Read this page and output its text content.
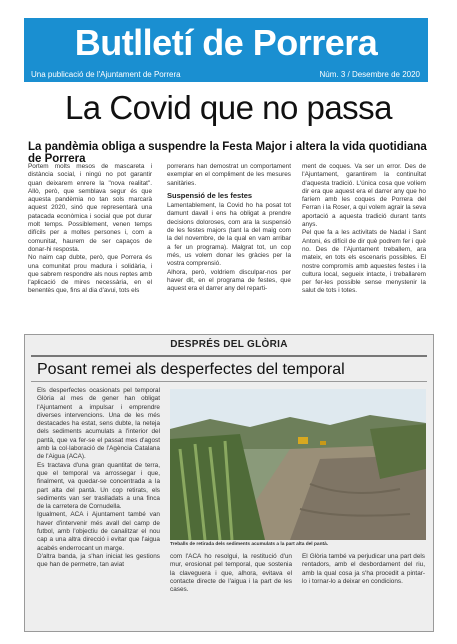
Butlletí de Porrera
Una publicació de l'Ajuntament de Porrera	Núm. 3 / Desembre de 2020
La Covid que no passa
La pandèmia obliga a suspendre la Festa Major i altera la vida quotidiana de Porrera

Portem molts mesos de mascareta i distància social, i ningú no pot garantir quan deixarem enrere la "nova realitat". Allò, però, que semblava segur és que aquesta pandèmia no tan sols marcarà aquest 2020, sinó que representarà una patacada econòmica i social que pot durar molt temps. Possiblement, venen temps difícils per a moltes persones i, com a comunitat, haurem de ser capaços de donar-hi resposta.

No naim cap dubte, però, que Porrera és una comunitat prou madura i solidària, i que sabrem respondre als nous reptes amb l'aplicació de mires necessària, en el benentès que, fins al dia d'avui, tots els

porrerans han demostrat un comportament exemplar en el compliment de les mesures sanitàries.

Suspensió de les festes

Lamentablement, la Covid ho ha posat tot damunt davall i ens ha obligat a prendre decisions doloroses, com ara la suspensió de les festes majors (tant la del maig com la del novembre, de la qual en vam arribar a fer un programa). Malgrat tot, un cop més, us volem donar les gràcies per la vostra comprensió.

Alhora, però, voldriem disculpar-nos per haver dit, en el programa de festes, que aquest era el darrer any del reparti-

ment de coques. Va ser un error. Des de l'Ajuntament, garantirem la continuïtat d'aquesta tradició. L'única cosa que volíem dir era que aquest era el darrer any que ho faríem amb les coques de Porrera del Ferran i la Roser, a qui volem agrair la seva aportació a aquesta tradició durant tants anys.

Pel que fa a les activitats de Nadal i Sant Antoni, és difícil de dir què podrem fer i què no. Des de l'Ajuntament treballem, ara mateix, en tots els escenaris possibles. El nostre compromís amb aquestes festes i la cultura local, segueix intacte, i treballarem per fer-les possible sense menystenir la salut de tots i totes.

DESPRÉS DEL GLÒRIA
Posant remei als desperfectes del temporal

Els desperfectes ocasionats pel temporal Glòria al mes de gener han obligat l'Ajuntament a impulsar i emprendre diverses intervencions. Una de les més destacades ha estat, sens dubte, la neteja dels sediments acumulats a l'interior del pantà, que va fer-se el passat mes d'agost amb la col·laboració de l'Agència Catalana de l'Aigua (ACA).

Es tractava d'una gran quantitat de terra, que el temporal va arrossegar i que, finalment, va quedar-se concentrada a la part alta del pantà. Un cop retirats, els sediments van ser traslladats a una finca de la carretera de Cornudella.

Igualment, ACA i Ajuntament també van haver d'intervenir més avall del camp de futbol, amb l'objectiu de canalitzar el nou cap a una altra direcció i evitar que l'aigua acabés enderrocant un marge.

D'altra banda, ja s'han iniciat les gestions que han de permetre, tan aviat

Treballs de retirada dels sediments acumulats a la part alta del pantà.

com l'ACA ho resolgui, la restitució d'un mur, erosionat pel temporal, que sostenia la claveguera i que, alhora, evitava el contacte directe de l'aigua i la part de les cases.

El Glòria també va perjudicar una part dels rentadors, amb el desbordament del riu, amb la qual cosa ja s'ha procedit a pintar-lo i tornar-lo a deixar en condicions.
